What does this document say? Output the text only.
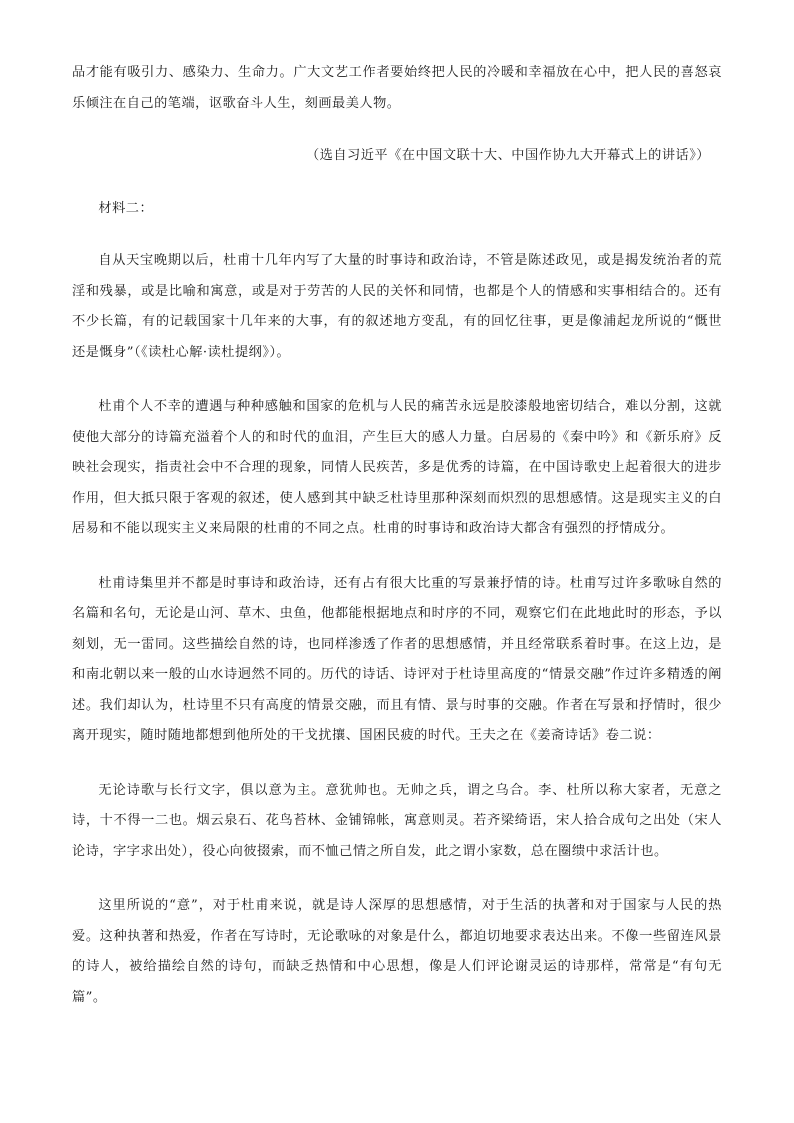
品才能有吸引力、感染力、生命力。广大文艺工作者要始终把人民的冷暖和幸福放在心中，把人民的喜怒哀乐倾注在自己的笔端，讴歌奋斗人生，刻画最美人物。

（选自习近平《在中国文联十大、中国作协九大开幕式上的讲话》）

材料二：

自从天宝晚期以后，杜甫十几年内写了大量的时事诗和政治诗，不管是陈述政见，或是揭发统治者的荒淫和残暴，或是比喻和寓意，或是对于劳苦的人民的关怀和同情，也都是个人的情感和实事相结合的。还有不少长篇，有的记载国家十几年来的大事，有的叙述地方变乱，有的回忆往事，更是像浦起龙所说的“慨世还是慨身”（《读杜心解·读杜提纲》）。

杜甫个人不幸的遭遇与种种感触和国家的危机与人民的痛苦永远是胶漆般地密切结合，难以分割，这就使他大部分的诗篇充溢着个人的和时代的血泪，产生巨大的感人力量。白居易的《秦中吟》和《新乐府》反映社会现实，指责社会中不合理的现象，同情人民疾苦，多是优秀的诗篇，在中国诗歌史上起着很大的进步作用，但大抵只限于客观的叙述，使人感到其中缺乏杜诗里那种深刻而炽烈的思想感情。这是现实主义的白居易和不能以现实主义来局限的杜甫的不同之点。杜甫的时事诗和政治诗大都含有强烈的抒情成分。

杜甫诗集里并不都是时事诗和政治诗，还有占有很大比重的写景兼抒情的诗。杜甫写过许多歌咏自然的名篇和名句，无论是山河、草木、虫鱼，他都能根据地点和时序的不同，观察它们在此地此时的形态，予以刻划，无一雷同。这些描绘自然的诗，也同样渗透了作者的思想感情，并且经常联系着时事。在这上边，是和南北朝以来一般的山水诗迥然不同的。历代的诗话、诗评对于杜诗里高度的“情景交融”作过许多精透的阐述。我们却认为，杜诗里不只有高度的情景交融，而且有情、景与时事的交融。作者在写景和抒情时，很少离开现实，随时随地都想到他所处的干戈扰攘、国困民疲的时代。王夫之在《姜斋诗话》卷二说：

无论诗歌与长行文字，俱以意为主。意犹帅也。无帅之兵，谓之乌合。李、杜所以称大家者，无意之诗，十不得一二也。烟云泉石、花鸟苔林、金铺锦帐，寓意则灵。若齐梁绮语，宋人拾合成句之出处（宋人论诗，字字求出处），役心向彼掇索，而不恤己情之所自发，此之谓小家数，总在圈缋中求活计也。

这里所说的“意”，对于杜甫来说，就是诗人深厚的思想感情，对于生活的执著和对于国家与人民的热爱。这种执著和热爱，作者在写诗时，无论歌咏的对象是什么，都迫切地要求表达出来。不像一些留连风景的诗人，被给描绘自然的诗句，而缺乏热情和中心思想，像是人们评论谢灵运的诗那样，常常是“有句无篇”。
